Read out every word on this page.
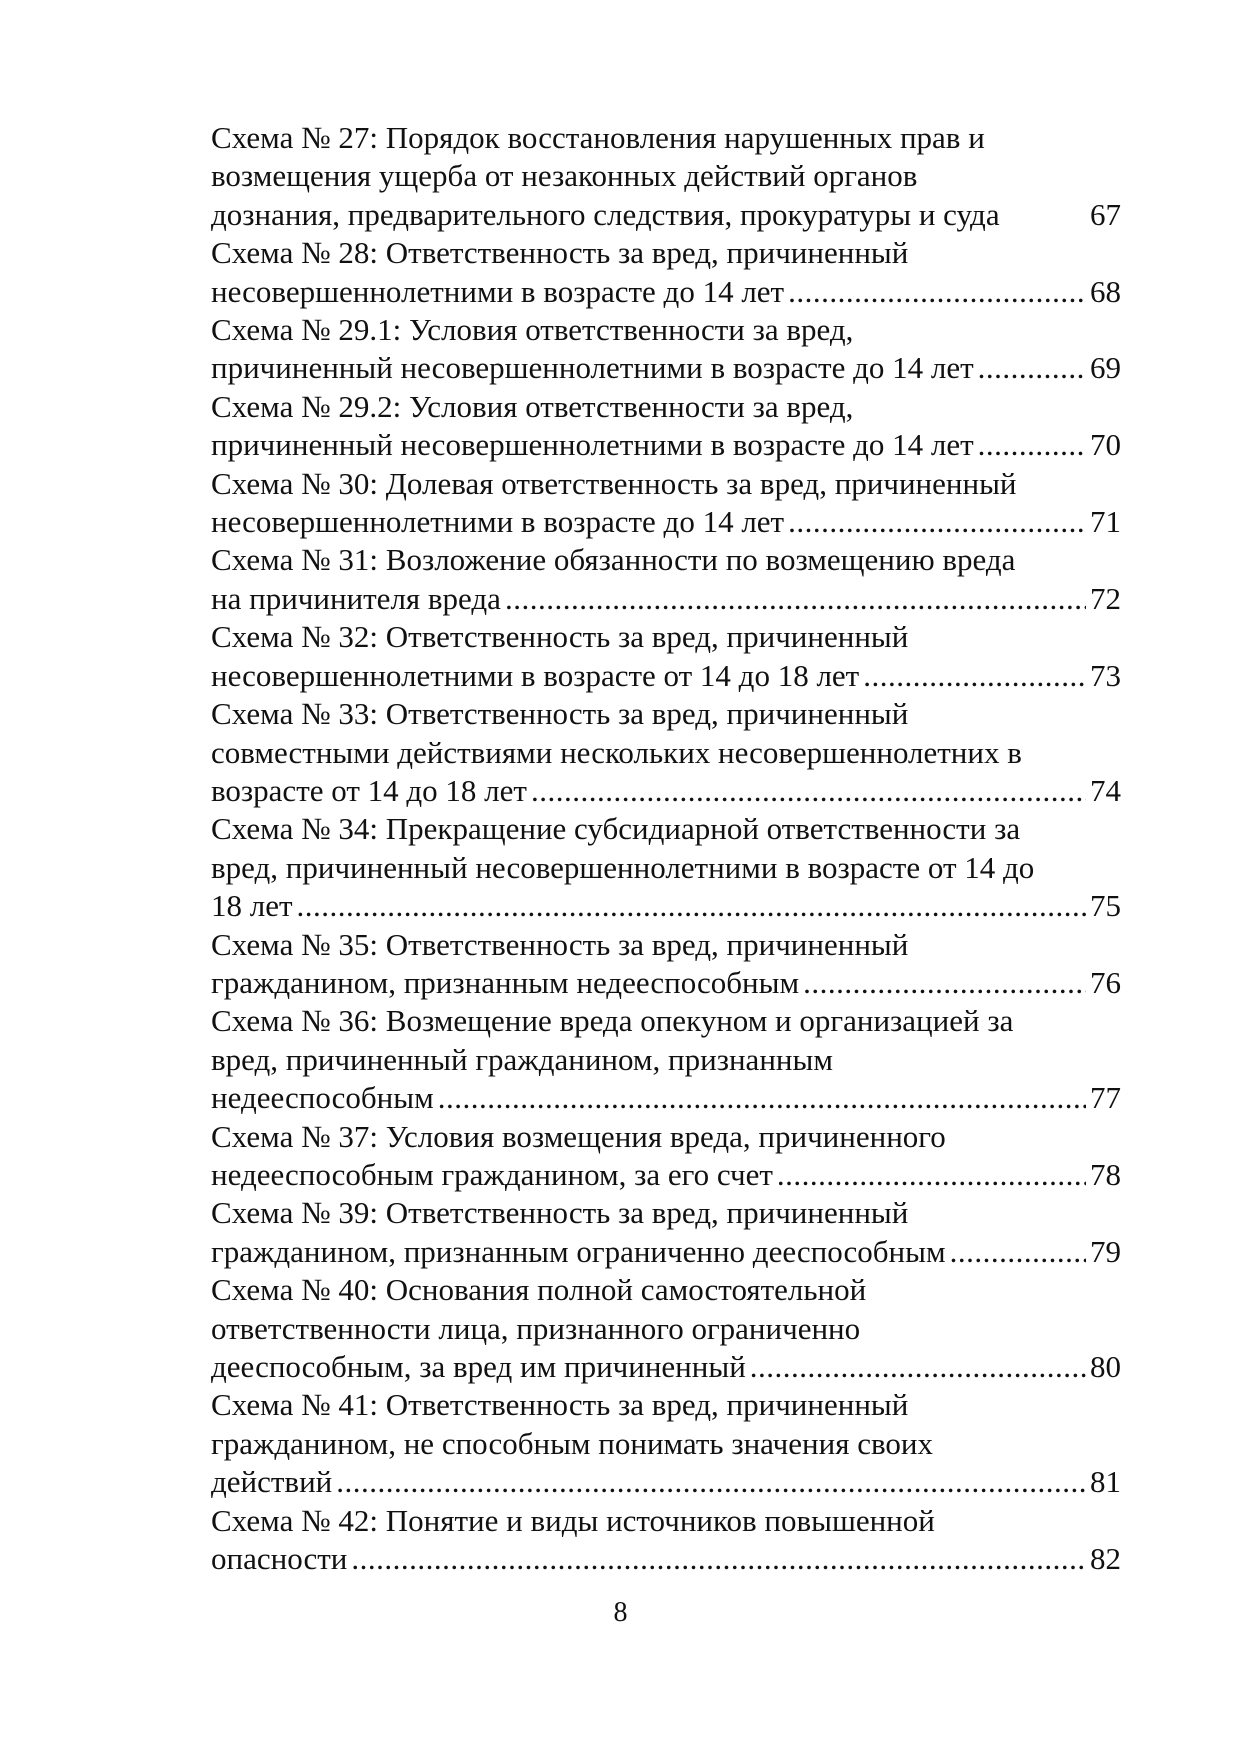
Схема № 27: Порядок восстановления нарушенных прав и
возмещения ущерба от незаконных действий органов
дознания, предварительного следствия, прокуратуры и суда	67
Схема № 28: Ответственность за вред, причиненный
несовершеннолетними в возрасте до 14 лет .....	68
Схема № 29.1: Условия ответственности за вред,
причиненный несовершеннолетними в возрасте до 14 лет .....	69
Схема № 29.2: Условия ответственности за вред,
причиненный несовершеннолетними в возрасте до 14 лет .....	70
Схема № 30: Долевая ответственность за вред, причиненный
несовершеннолетними в возрасте до 14 лет .....	71
Схема № 31: Возложение обязанности по возмещению вреда
на причинителя вреда .....	72
Схема № 32: Ответственность за вред, причиненный
несовершеннолетними в возрасте от 14 до 18 лет .....	73
Схема № 33: Ответственность за вред, причиненный
совместными действиями нескольких несовершеннолетних в
возрасте от 14 до 18 лет .....	74
Схема № 34: Прекращение субсидиарной ответственности за
вред, причиненный несовершеннолетними в возрасте от 14 до
18 лет .....	75
Схема № 35: Ответственность за вред, причиненный
гражданином, признанным недееспособным .....	76
Схема № 36: Возмещение вреда опекуном и организацией за
вред, причиненный гражданином, признанным
недееспособным .....	77
Схема № 37: Условия возмещения вреда, причиненного
недееспособным гражданином, за его счет .....	78
Схема № 39: Ответственность за вред, причиненный
гражданином, признанным ограниченно дееспособным .....	79
Схема № 40: Основания полной самостоятельной
ответственности лица, признанного ограниченно
дееспособным, за вред им причиненный .....	80
Схема № 41: Ответственность за вред, причиненный
гражданином, не способным понимать значения своих
действий .....	81
Схема № 42: Понятие и виды источников повышенной
опасности .....	82
8
